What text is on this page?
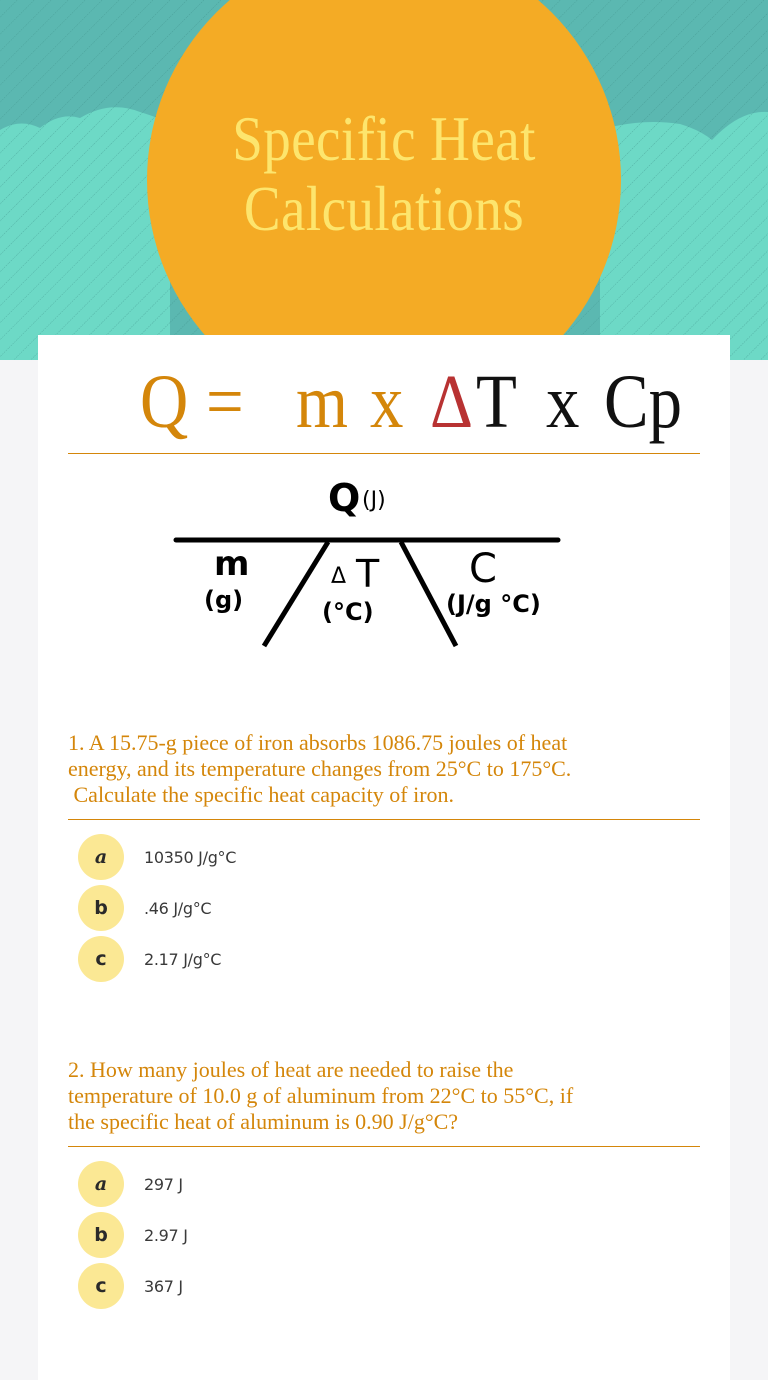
Specific Heat
Calculations
Q = m x Δ T x Cp
Q (J)
m
(g)
Δ T
(°C)
C
(J/g °C)
1. A 15.75-g piece of iron absorbs 1086.75 joules of heat
energy, and its temperature changes from 25°C to 175°C.
Calculate the specific heat capacity of iron.
a	10350 J/g°C
b	.46 J/g°C
c	2.17 J/g°C
2. How many joules of heat are needed to raise the
temperature of 10.0 g of aluminum from 22°C to 55°C, if
the specific heat of aluminum is 0.90 J/g°C?
a	297 J
b	2.97 J
c	367 J
